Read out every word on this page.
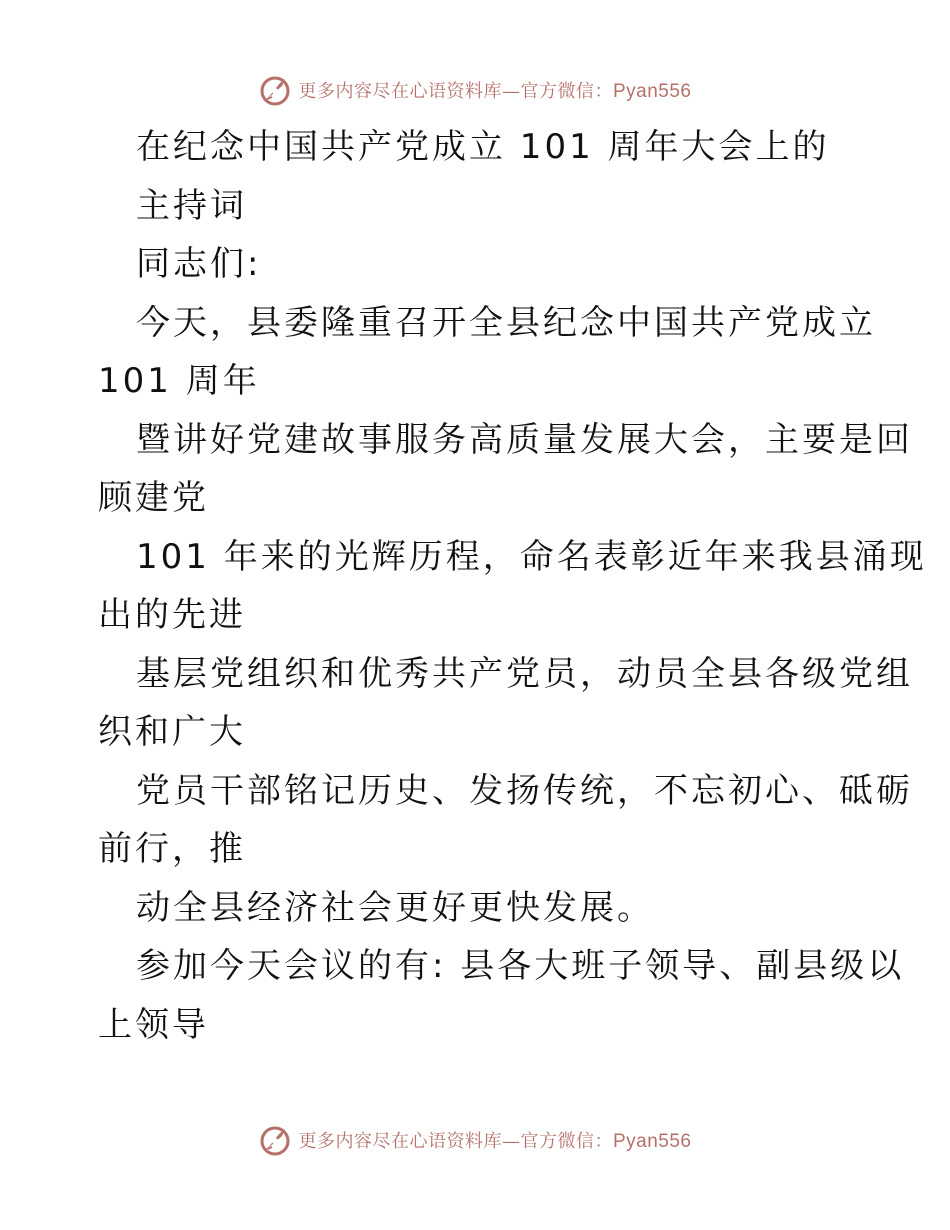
更多内容尽在心语资料库—官方微信：Pyan556
在纪念中国共产党成立 101 周年大会上的
主持词
同志们:
今天，县委隆重召开全县纪念中国共产党成立
101 周年
暨讲好党建故事服务高质量发展大会，主要是回
顾建党
101 年来的光辉历程，命名表彰近年来我县涌现
出的先进
基层党组织和优秀共产党员，动员全县各级党组
织和广大
党员干部铭记历史、发扬传统，不忘初心、砥砺
前行，推
动全县经济社会更好更快发展。
参加今天会议的有: 县各大班子领导、副县级以
上领导
更多内容尽在心语资料库—官方微信：Pyan556
